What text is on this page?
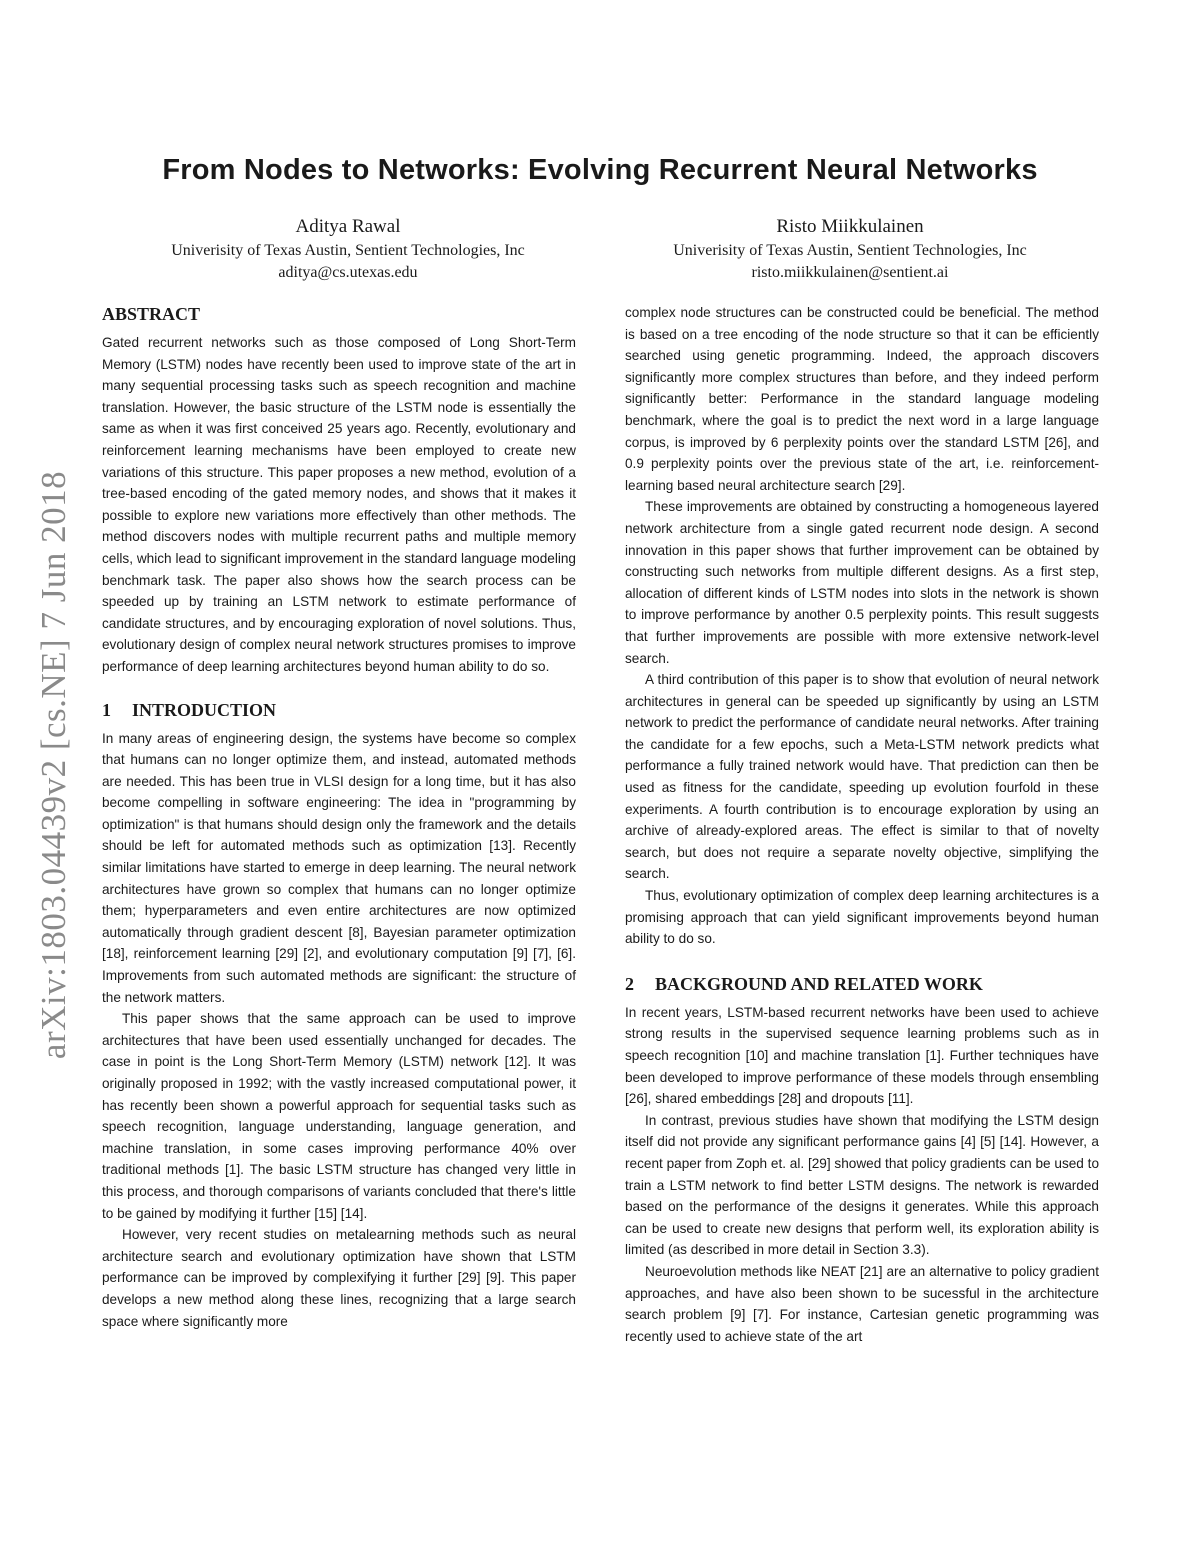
arXiv:1803.04439v2 [cs.NE] 7 Jun 2018
From Nodes to Networks: Evolving Recurrent Neural Networks
Aditya Rawal
Univerisity of Texas Austin, Sentient Technologies, Inc
aditya@cs.utexas.edu
Risto Miikkulainen
Univerisity of Texas Austin, Sentient Technologies, Inc
risto.miikkulainen@sentient.ai
ABSTRACT

Gated recurrent networks such as those composed of Long Short-Term Memory (LSTM) nodes have recently been used to improve state of the art in many sequential processing tasks such as speech recognition and machine translation. However, the basic structure of the LSTM node is essentially the same as when it was first conceived 25 years ago. Recently, evolutionary and reinforcement learning mechanisms have been employed to create new variations of this structure. This paper proposes a new method, evolution of a tree-based encoding of the gated memory nodes, and shows that it makes it possible to explore new variations more effectively than other methods. The method discovers nodes with multiple recurrent paths and multiple memory cells, which lead to significant improvement in the standard language modeling benchmark task. The paper also shows how the search process can be speeded up by training an LSTM network to estimate performance of candidate structures, and by encouraging exploration of novel solutions. Thus, evolutionary design of complex neural network structures promises to improve performance of deep learning architectures beyond human ability to do so.

1 INTRODUCTION

In many areas of engineering design, the systems have become so complex that humans can no longer optimize them, and instead, automated methods are needed. This has been true in VLSI design for a long time, but it has also become compelling in software engineering: The idea in "programming by optimization" is that humans should design only the framework and the details should be left for automated methods such as optimization [13]. Recently similar limitations have started to emerge in deep learning. The neural network architectures have grown so complex that humans can no longer optimize them; hyperparameters and even entire architectures are now optimized automatically through gradient descent [8], Bayesian parameter optimization [18], reinforcement learning [29] [2], and evolutionary computation [9] [7], [6]. Improvements from such automated methods are significant: the structure of the network matters.

This paper shows that the same approach can be used to improve architectures that have been used essentially unchanged for decades. The case in point is the Long Short-Term Memory (LSTM) network [12]. It was originally proposed in 1992; with the vastly increased computational power, it has recently been shown a powerful approach for sequential tasks such as speech recognition, language understanding, language generation, and machine translation, in some cases improving performance 40% over traditional methods [1]. The basic LSTM structure has changed very little in this process, and thorough comparisons of variants concluded that there's little to be gained by modifying it further [15] [14].

However, very recent studies on metalearning methods such as neural architecture search and evolutionary optimization have shown that LSTM performance can be improved by complexifying it further [29] [9]. This paper develops a new method along these lines, recognizing that a large search space where significantly more

complex node structures can be constructed could be beneficial. The method is based on a tree encoding of the node structure so that it can be efficiently searched using genetic programming. Indeed, the approach discovers significantly more complex structures than before, and they indeed perform significantly better: Performance in the standard language modeling benchmark, where the goal is to predict the next word in a large language corpus, is improved by 6 perplexity points over the standard LSTM [26], and 0.9 perplexity points over the previous state of the art, i.e. reinforcement-learning based neural architecture search [29].

These improvements are obtained by constructing a homogeneous layered network architecture from a single gated recurrent node design. A second innovation in this paper shows that further improvement can be obtained by constructing such networks from multiple different designs. As a first step, allocation of different kinds of LSTM nodes into slots in the network is shown to improve performance by another 0.5 perplexity points. This result suggests that further improvements are possible with more extensive network-level search.

A third contribution of this paper is to show that evolution of neural network architectures in general can be speeded up significantly by using an LSTM network to predict the performance of candidate neural networks. After training the candidate for a few epochs, such a Meta-LSTM network predicts what performance a fully trained network would have. That prediction can then be used as fitness for the candidate, speeding up evolution fourfold in these experiments. A fourth contribution is to encourage exploration by using an archive of already-explored areas. The effect is similar to that of novelty search, but does not require a separate novelty objective, simplifying the search.

Thus, evolutionary optimization of complex deep learning architectures is a promising approach that can yield significant improvements beyond human ability to do so.

2 BACKGROUND AND RELATED WORK

In recent years, LSTM-based recurrent networks have been used to achieve strong results in the supervised sequence learning problems such as in speech recognition [10] and machine translation [1]. Further techniques have been developed to improve performance of these models through ensembling [26], shared embeddings [28] and dropouts [11].

In contrast, previous studies have shown that modifying the LSTM design itself did not provide any significant performance gains [4] [5] [14]. However, a recent paper from Zoph et. al. [29] showed that policy gradients can be used to train a LSTM network to find better LSTM designs. The network is rewarded based on the performance of the designs it generates. While this approach can be used to create new designs that perform well, its exploration ability is limited (as described in more detail in Section 3.3).

Neuroevolution methods like NEAT [21] are an alternative to policy gradient approaches, and have also been shown to be sucessful in the architecture search problem [9] [7]. For instance, Cartesian genetic programming was recently used to achieve state of the art
